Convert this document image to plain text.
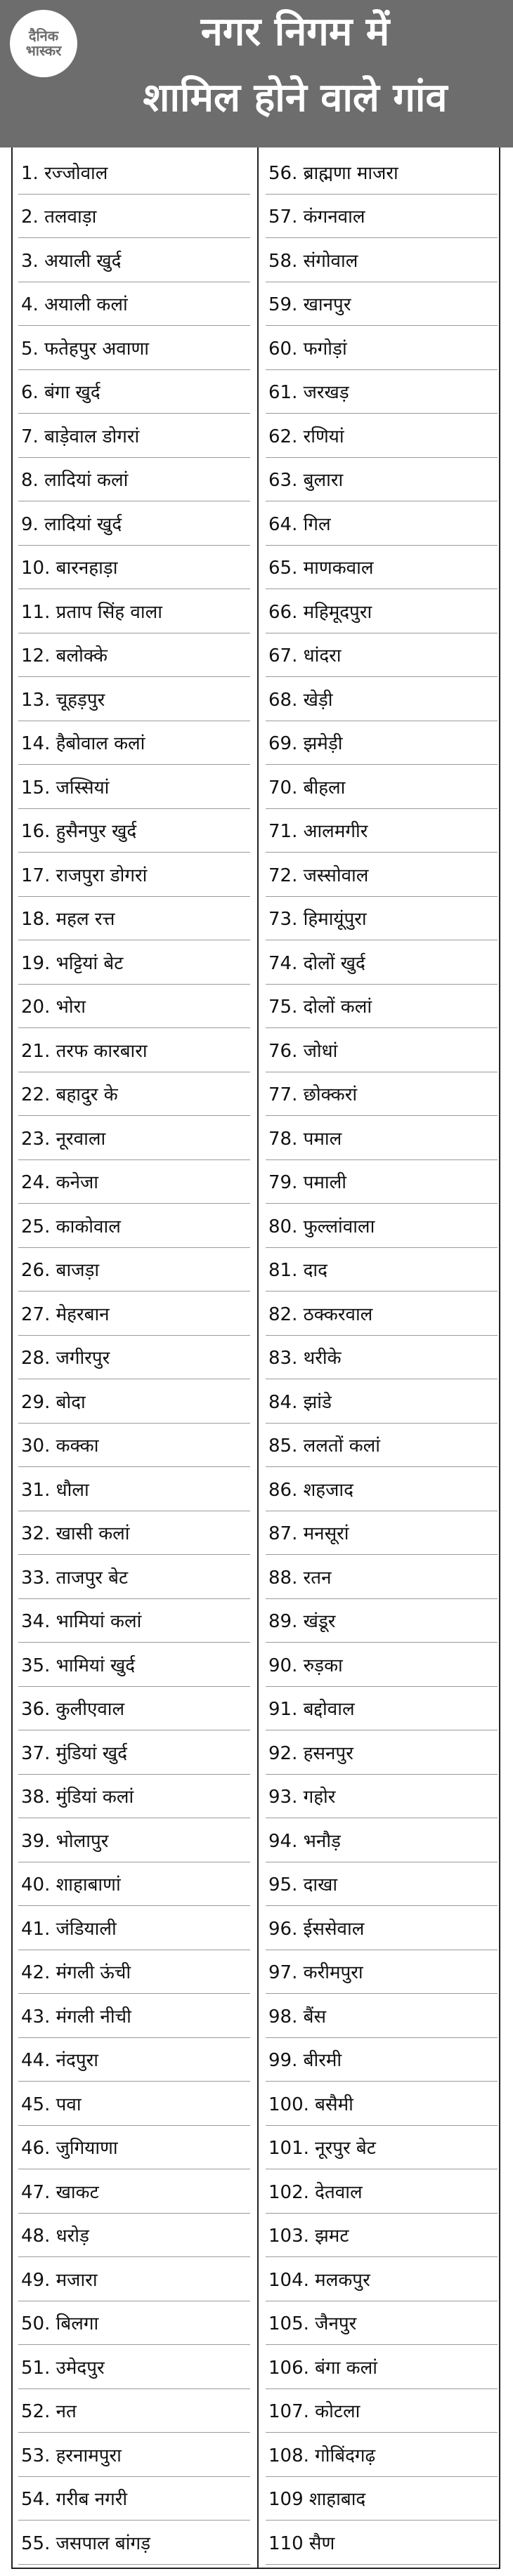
दैनिक
भास्कर	नगर निगम में
शामिल होने वाले गांव
1. रज्जोवाल
2. तलवाड़ा
3. अयाली खुर्द
4. अयाली कलां
5. फतेहपुर अवाणा
6. बंगा खुर्द
7. बाड़ेवाल डोगरां
8. लादियां कलां
9. लादियां खुर्द
10. बारनहाड़ा
11. प्रताप सिंह वाला
12. बलोक्के
13. चूहड़पुर
14. हैबोवाल कलां
15. जस्सियां
16. हुसैनपुर खुर्द
17. राजपुरा डोगरां
18. महल रत्त
19. भट्टियां बेट
20. भोरा
21. तरफ कारबारा
22. बहादुर के
23. नूरवाला
24. कनेजा
25. काकोवाल
26. बाजड़ा
27. मेहरबान
28. जगीरपुर
29. बोदा
30. कक्का
31. धौला
32. खासी कलां
33. ताजपुर बेट
34. भामियां कलां
35. भामियां खुर्द
36. कुलीएवाल
37. मुंडियां खुर्द
38. मुंडियां कलां
39. भोलापुर
40. शाहाबाणां
41. जंडियाली
42. मंगली ऊंची
43. मंगली नीची
44. नंदपुरा
45. पवा
46. जुगियाणा
47. खाकट
48. धरोड़
49. मजारा
50. बिलगा
51. उमेदपुर
52. नत
53. हरनामपुरा
54. गरीब नगरी
55. जसपाल बांगड़
56. ब्राह्मणा माजरा
57. कंगनवाल
58. संगोवाल
59. खानपुर
60. फगोड़ां
61. जरखड़
62. रणियां
63. बुलारा
64. गिल
65. माणकवाल
66. महिमूदपुरा
67. धांदरा
68. खेड़ी
69. झमेड़ी
70. बीहला
71. आलमगीर
72. जस्सोवाल
73. हिमायूंपुरा
74. दोलों खुर्द
75. दोलों कलां
76. जोधां
77. छोक्करां
78. पमाल
79. पमाली
80. फुल्लांवाला
81. दाद
82. ठक्करवाल
83. थरीके
84. झांडे
85. ललतों कलां
86. शहजाद
87. मनसूरां
88. रतन
89. खंडूर
90. रुड़का
91. बद्दोवाल
92. हसनपुर
93. गहोर
94. भनौड़
95. दाखा
96. ईससेवाल
97. करीमपुरा
98. बैंस
99. बीरमी
100. बसैमी
101. नूरपुर बेट
102. देतवाल
103. झमट
104. मलकपुर
105. जैनपुर
106. बंगा कलां
107. कोटला
108. गोबिंदगढ़
109 शाहाबाद
110 सैण
